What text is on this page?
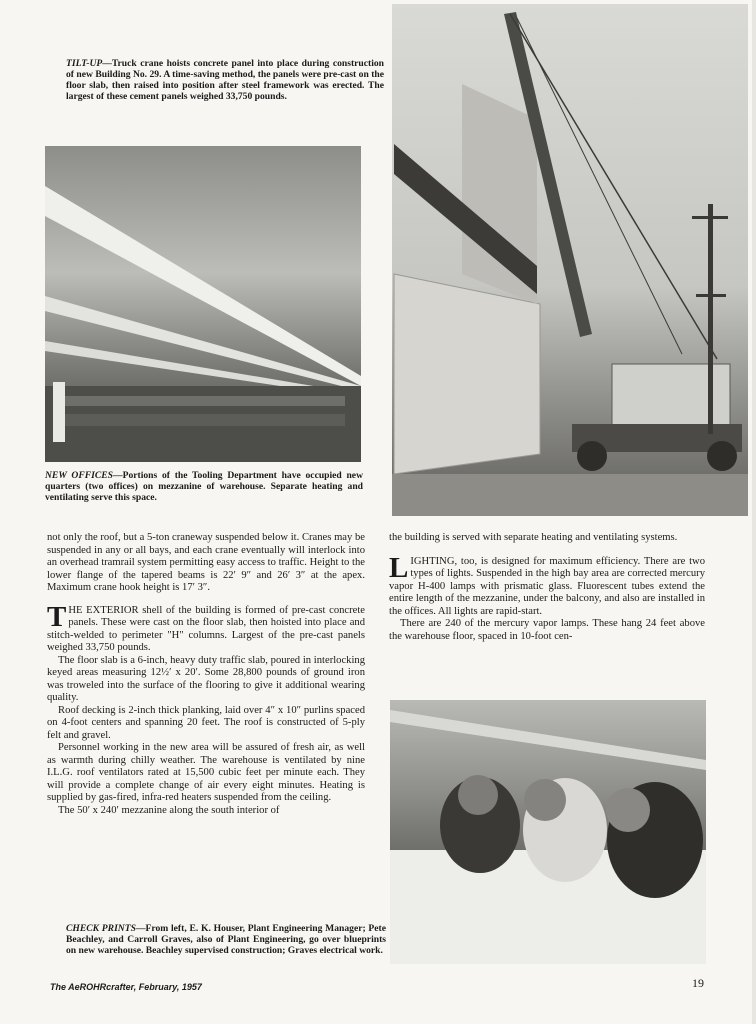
TILT-UP—Truck crane hoists concrete panel into place during construction of new Building No. 29. A time-saving method, the panels were pre-cast on the floor slab, then raised into position after steel framework was erected. The largest of these cement panels weighed 33,750 pounds.
NEW OFFICES—Portions of the Tooling Department have occupied new quarters (two offices) on mezzanine of warehouse. Separate heating and ventilating serve this space.

not only the roof, but a 5-ton craneway suspended below it. Cranes may be suspended in any or all bays, and each crane eventually will interlock into an overhead tramrail system permitting easy access to traffic. Height to the lower flange of the tapered beams is 22′ 9″ and 26′ 3″ at the apex. Maximum crane hook height is 17′ 3″.

THE EXTERIOR shell of the building is formed of pre-cast concrete panels. These were cast on the floor slab, then hoisted into place and stitch-welded to perimeter "H" columns. Largest of the pre-cast panels weighed 33,750 pounds.

The floor slab is a 6-inch, heavy duty traffic slab, poured in interlocking keyed areas measuring 12½′ x 20′. Some 28,800 pounds of ground iron was troweled into the surface of the flooring to give it additional wearing quality.

Roof decking is 2-inch thick planking, laid over 4″ x 10″ purlins spaced on 4-foot centers and spanning 20 feet. The roof is constructed of 5-ply felt and gravel.

Personnel working in the new area will be assured of fresh air, as well as warmth during chilly weather. The warehouse is ventilated by nine I.L.G. roof ventilators rated at 15,500 cubic feet per minute each. They will provide a complete change of air every eight minutes. Heating is supplied by gas-fired, infra-red heaters suspended from the ceiling.

The 50′ x 240′ mezzanine along the south interior of

the building is served with separate heating and ventilating systems.

LIGHTING, too, is designed for maximum efficiency. There are two types of lights. Suspended in the high bay area are corrected mercury vapor H-400 lamps with prismatic glass. Fluorescent tubes extend the entire length of the mezzanine, under the balcony, and also are installed in the offices. All lights are rapid-start.

There are 240 of the mercury vapor lamps. These hang 24 feet above the warehouse floor, spaced in 10-foot cen-

CHECK PRINTS—From left, E. K. Houser, Plant Engineering Manager; Pete Beachley, and Carroll Graves, also of Plant Engineering, go over blueprints on new warehouse. Beachley supervised construction; Graves electrical work.
The AeROHRcrafter, February, 1957	19
